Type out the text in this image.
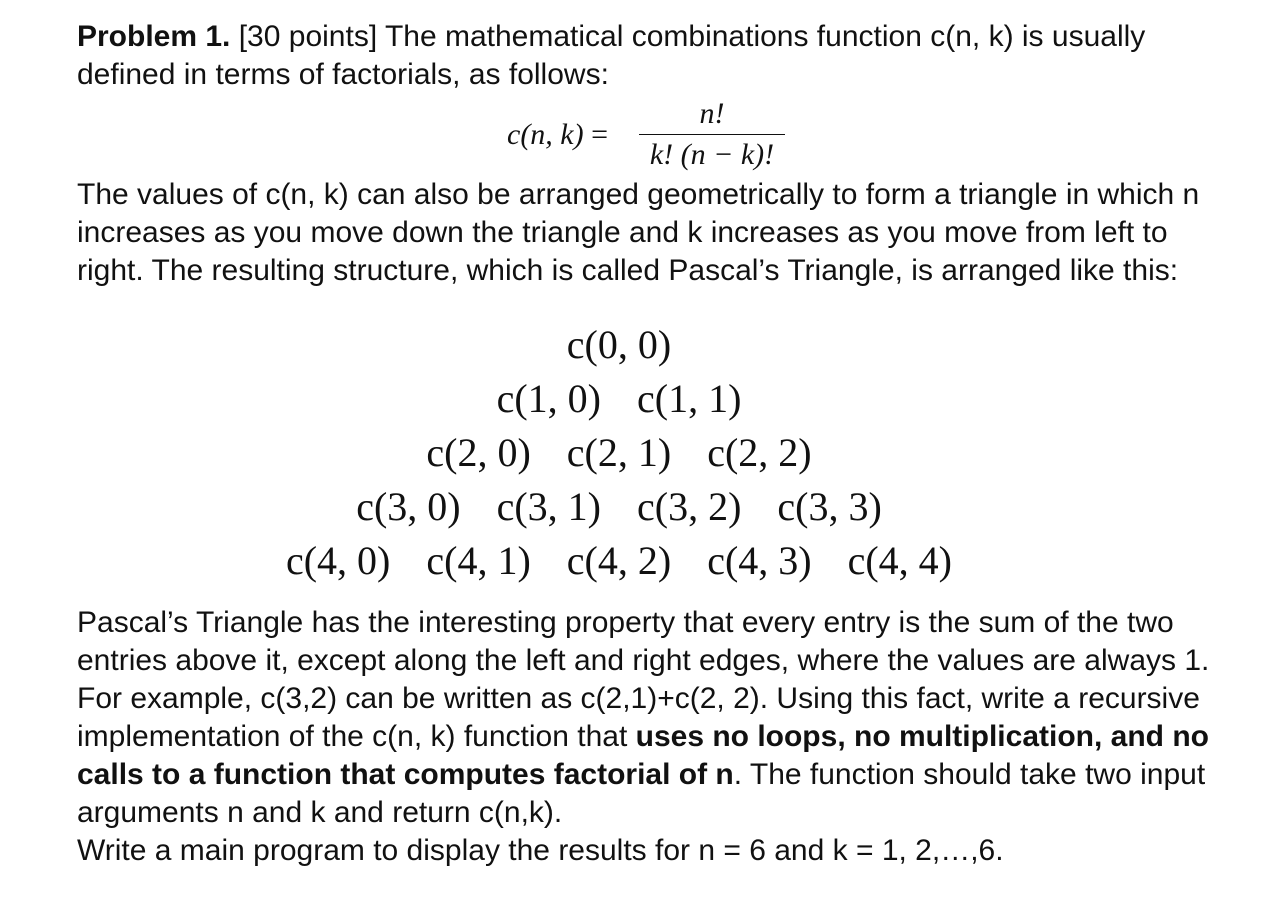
Problem 1. [30 points] The mathematical combinations function c(n, k) is usually defined in terms of factorials, as follows:

c(n, k) =
n!
k! (n − k)!

The values of c(n, k) can also be arranged geometrically to form a triangle in which n increases as you move down the triangle and k increases as you move from left to right. The resulting structure, which is called Pascal’s Triangle, is arranged like this:

c(0, 0)
c(1, 0) c(1, 1)
c(2, 0) c(2, 1) c(2, 2)
c(3, 0) c(3, 1) c(3, 2) c(3, 3)
c(4, 0) c(4, 1) c(4, 2) c(4, 3) c(4, 4)

Pascal’s Triangle has the interesting property that every entry is the sum of the two entries above it, except along the left and right edges, where the values are always 1. For example, c(3,2) can be written as c(2,1)+c(2, 2). Using this fact, write a recursive implementation of the c(n, k) function that uses no loops, no multiplication, and no calls to a function that computes factorial of n. The function should take two input arguments n and k and return c(n,k).

Write a main program to display the results for n = 6 and k = 1, 2,…,6.
